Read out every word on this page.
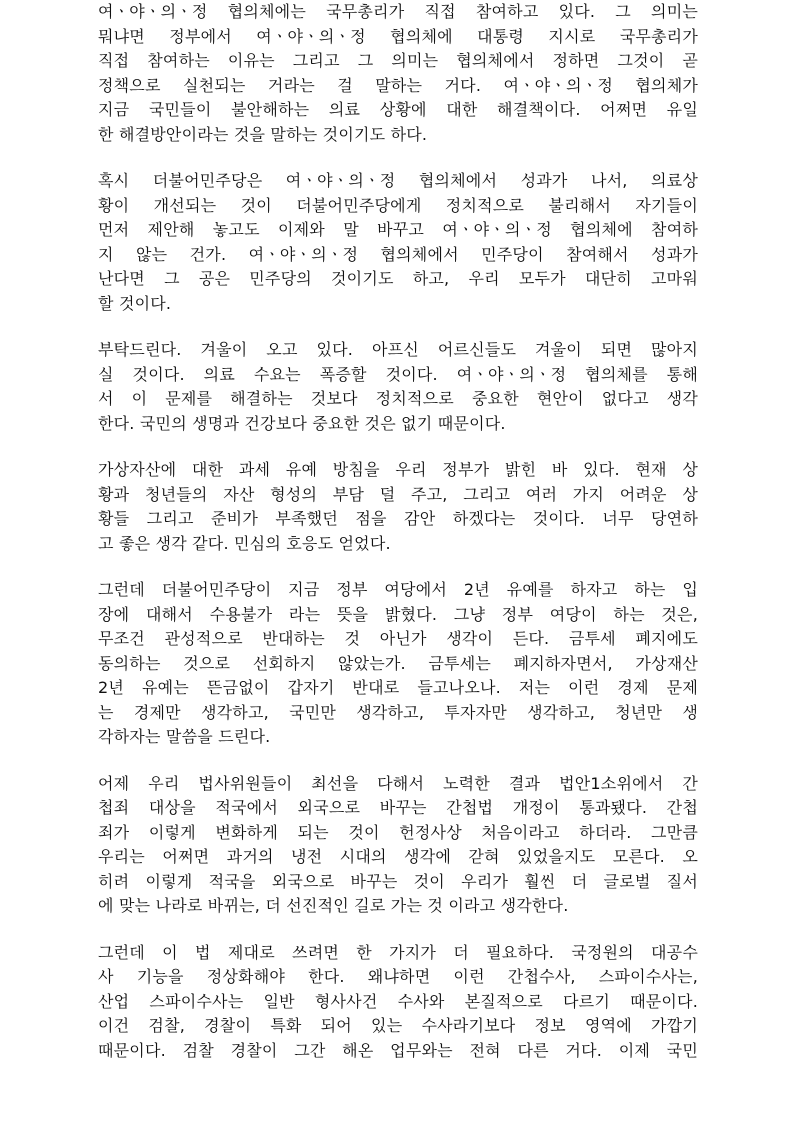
여ㆍ야ㆍ의ㆍ정 협의체에는 국무총리가 직접 참여하고 있다. 그 의미는
뭐냐면 정부에서 여ㆍ야ㆍ의ㆍ정 협의체에 대통령 지시로 국무총리가
직접 참여하는 이유는 그리고 그 의미는 협의체에서 정하면 그것이 곧
정책으로 실천되는 거라는 걸 말하는 거다. 여ㆍ야ㆍ의ㆍ정 협의체가
지금 국민들이 불안해하는 의료 상황에 대한 해결책이다. 어쩌면 유일
한 해결방안이라는 것을 말하는 것이기도 하다.
혹시 더불어민주당은 여ㆍ야ㆍ의ㆍ정 협의체에서 성과가 나서, 의료상
황이 개선되는 것이 더불어민주당에게 정치적으로 불리해서 자기들이
먼저 제안해 놓고도 이제와 말 바꾸고 여ㆍ야ㆍ의ㆍ정 협의체에 참여하
지 않는 건가. 여ㆍ야ㆍ의ㆍ정 협의체에서 민주당이 참여해서 성과가
난다면 그 공은 민주당의 것이기도 하고, 우리 모두가 대단히 고마워
할 것이다.
부탁드린다. 겨울이 오고 있다. 아프신 어르신들도 겨울이 되면 많아지
실 것이다. 의료 수요는 폭증할 것이다. 여ㆍ야ㆍ의ㆍ정 협의체를 통해
서 이 문제를 해결하는 것보다 정치적으로 중요한 현안이 없다고 생각
한다. 국민의 생명과 건강보다 중요한 것은 없기 때문이다.
가상자산에 대한 과세 유예 방침을 우리 정부가 밝힌 바 있다. 현재 상
황과 청년들의 자산 형성의 부담 덜 주고, 그리고 여러 가지 어려운 상
황들 그리고 준비가 부족했던 점을 감안 하겠다는 것이다. 너무 당연하
고 좋은 생각 같다. 민심의 호응도 얻었다.
그런데 더불어민주당이 지금 정부 여당에서 2년 유예를 하자고 하는 입
장에 대해서 수용불가 라는 뜻을 밝혔다. 그냥 정부 여당이 하는 것은,
무조건 관성적으로 반대하는 것 아닌가 생각이 든다. 금투세 폐지에도
동의하는 것으로 선회하지 않았는가. 금투세는 폐지하자면서, 가상재산
2년 유예는 뜬금없이 갑자기 반대로 들고나오나. 저는 이런 경제 문제
는 경제만 생각하고, 국민만 생각하고, 투자자만 생각하고, 청년만 생
각하자는 말씀을 드린다.
어제 우리 법사위원들이 최선을 다해서 노력한 결과 법안1소위에서 간
첩죄 대상을 적국에서 외국으로 바꾸는 간첩법 개정이 통과됐다. 간첩
죄가 이렇게 변화하게 되는 것이 헌정사상 처음이라고 하더라. 그만큼
우리는 어쩌면 과거의 냉전 시대의 생각에 갇혀 있었을지도 모른다. 오
히려 이렇게 적국을 외국으로 바꾸는 것이 우리가 훨씬 더 글로벌 질서
에 맞는 나라로 바뀌는, 더 선진적인 길로 가는 것 이라고 생각한다.
그런데 이 법 제대로 쓰려면 한 가지가 더 필요하다. 국정원의 대공수
사 기능을 정상화해야 한다. 왜냐하면 이런 간첩수사, 스파이수사는,
산업 스파이수사는 일반 형사사건 수사와 본질적으로 다르기 때문이다.
이건 검찰, 경찰이 특화 되어 있는 수사라기보다 정보 영역에 가깝기
때문이다. 검찰 경찰이 그간 해온 업무와는 전혀 다른 거다. 이제 국민
